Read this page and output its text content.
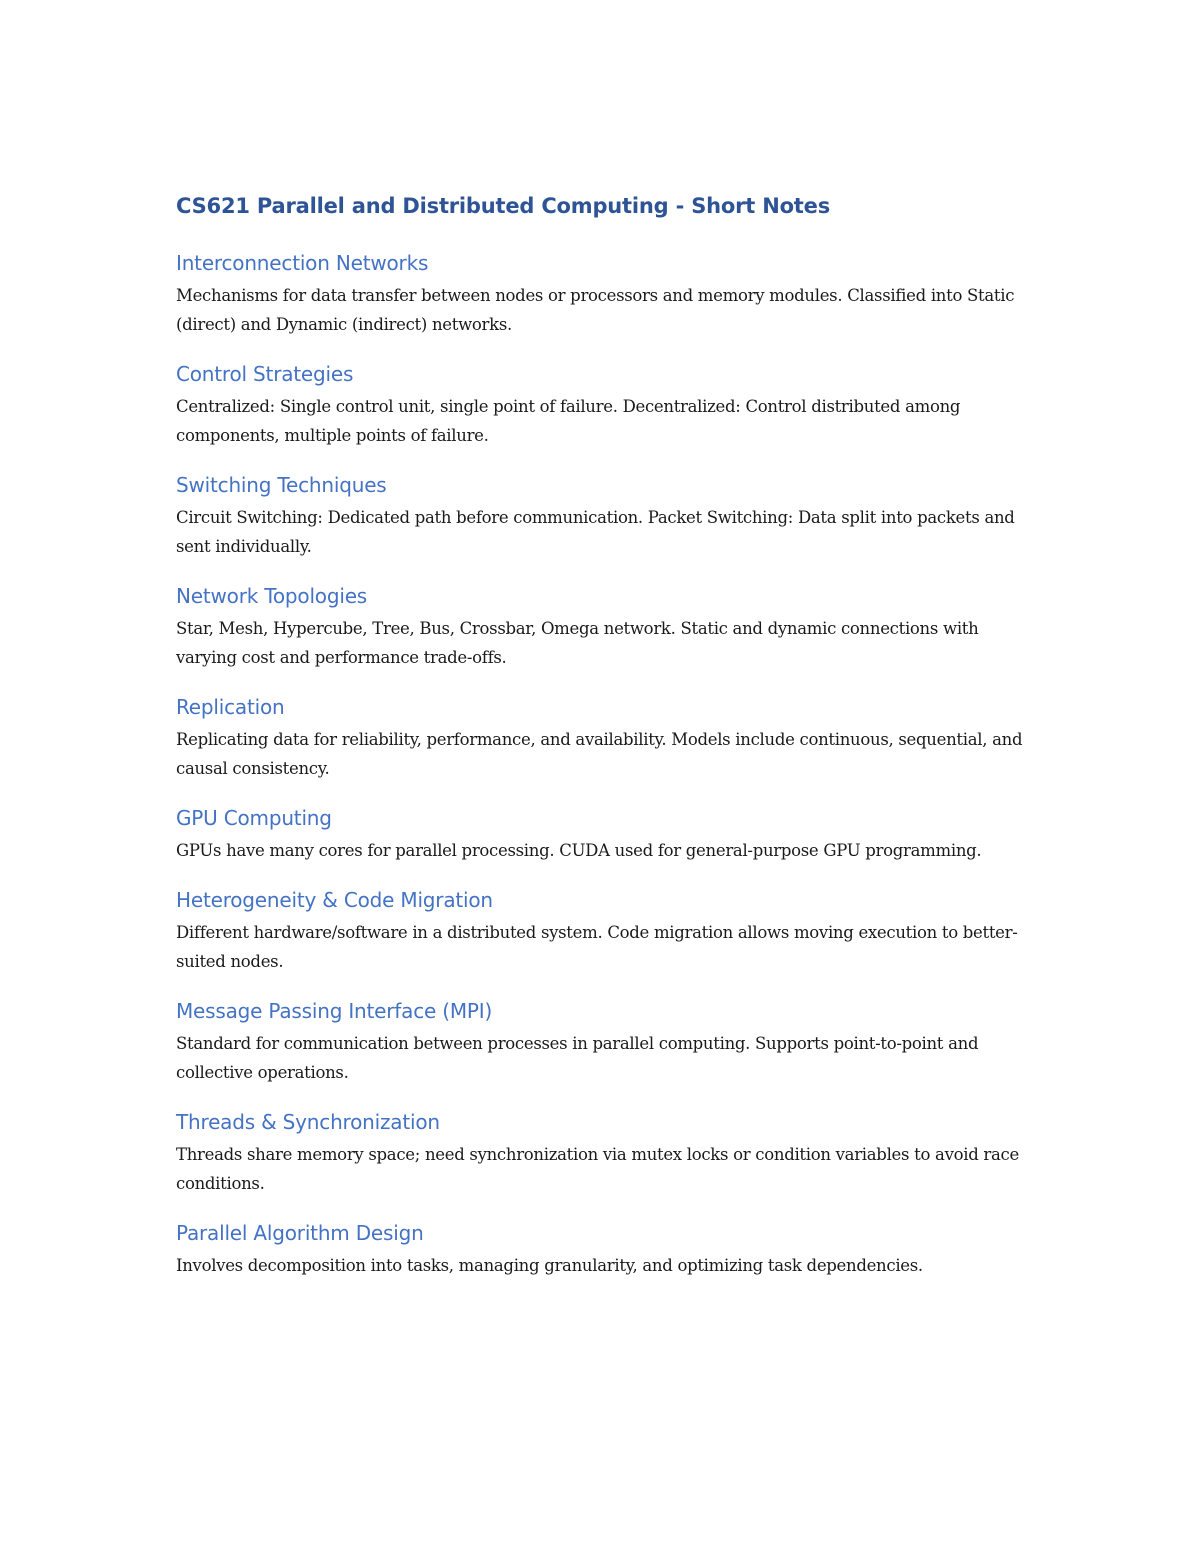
CS621 Parallel and Distributed Computing - Short Notes
Interconnection Networks

Mechanisms for data transfer between nodes or processors and memory modules. Classified into Static (direct) and Dynamic (indirect) networks.

Control Strategies

Centralized: Single control unit, single point of failure. Decentralized: Control distributed among components, multiple points of failure.

Switching Techniques

Circuit Switching: Dedicated path before communication. Packet Switching: Data split into packets and sent individually.

Network Topologies

Star, Mesh, Hypercube, Tree, Bus, Crossbar, Omega network. Static and dynamic connections with varying cost and performance trade-offs.

Replication

Replicating data for reliability, performance, and availability. Models include continuous, sequential, and causal consistency.

GPU Computing

GPUs have many cores for parallel processing. CUDA used for general-purpose GPU programming.

Heterogeneity & Code Migration

Different hardware/software in a distributed system. Code migration allows moving execution to better-suited nodes.

Message Passing Interface (MPI)

Standard for communication between processes in parallel computing. Supports point-to-point and collective operations.

Threads & Synchronization

Threads share memory space; need synchronization via mutex locks or condition variables to avoid race conditions.

Parallel Algorithm Design

Involves decomposition into tasks, managing granularity, and optimizing task dependencies.
